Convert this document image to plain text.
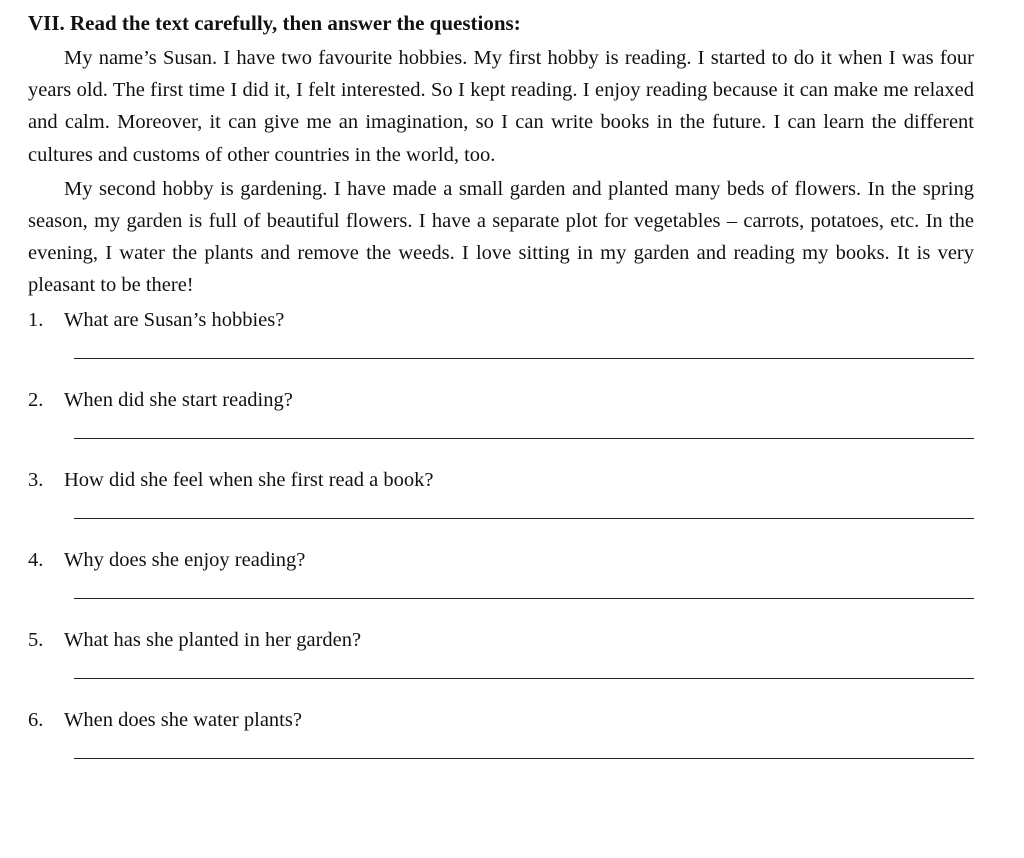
VII. Read the text carefully, then answer the questions:

My name’s Susan. I have two favourite hobbies. My first hobby is reading. I started to do it when I was four years old. The first time I did it, I felt interested. So I kept reading. I enjoy reading because it can make me relaxed and calm. Moreover, it can give me an imagination, so I can write books in the future. I can learn the different cultures and customs of other countries in the world, too.

My second hobby is gardening. I have made a small garden and planted many beds of flowers. In the spring season, my garden is full of beautiful flowers. I have a separate plot for vegetables – carrots, potatoes, etc. In the evening, I water the plants and remove the weeds. I love sitting in my garden and reading my books. It is very pleasant to be there!

1.	What are Susan’s hobbies?
2.	When did she start reading?
3.	How did she feel when she first read a book?
4.	Why does she enjoy reading?
5.	What has she planted in her garden?
6.	When does she water plants?
